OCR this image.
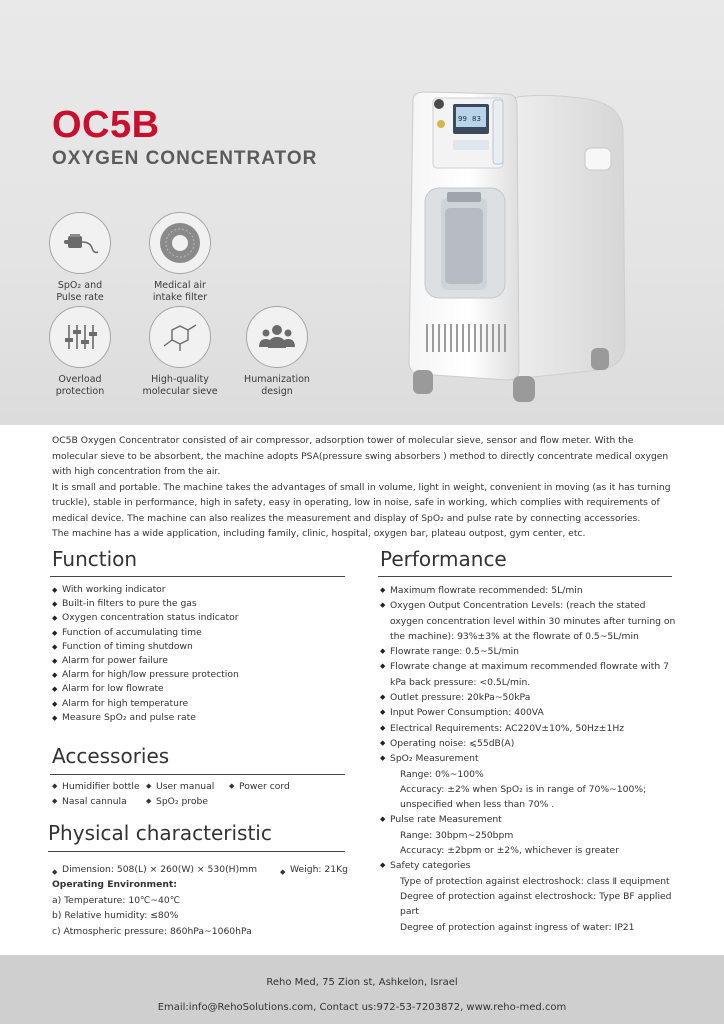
OC5B
OXYGEN CONCENTRATOR
SpO₂ and
Pulse rate
Medical air
intake filter
Overload
protection
High-quality
molecular sieve
Humanization
design
99 83

OC5B Oxygen Concentrator consisted of air compressor, adsorption tower of molecular sieve, sensor and flow meter. With the molecular sieve to be absorbent, the machine adopts PSA(pressure swing absorbers ) method to directly concentrate medical oxygen with high concentration from the air.

It is small and portable. The machine takes the advantages of small in volume, light in weight, convenient in moving (as it has turning truckle), stable in performance, high in safety, easy in operating, low in noise, safe in working, which complies with requirements of medical device. The machine can also realizes the measurement and display of SpO₂ and pulse rate by connecting accessories.

The machine has a wide application, including family, clinic, hospital, oxygen bar, plateau outpost, gym center, etc.

Function
◆ With working indicator
◆ Built-in filters to pure the gas
◆ Oxygen concentration status indicator
◆ Function of accumulating time
◆ Function of timing shutdown
◆ Alarm for power failure
◆ Alarm for high/low pressure protection
◆ Alarm for low flowrate
◆ Alarm for high temperature
◆ Measure SpO₂ and pulse rate
Accessories
◆ Humidifier bottle	◆ User manual	◆ Power cord
◆ Nasal cannula	◆ SpO₂ probe
Physical characteristic
◆ Dimension: 508(L) × 260(W) × 530(H)mm	◆ Weigh: 21Kg
Operating Environment:
a) Temperature: 10℃~40℃
b) Relative humidity: ≤80%
c) Atmospheric pressure: 860hPa~1060hPa
Performance
◆ Maximum flowrate recommended: 5L/min
◆ Oxygen Output Concentration Levels: (reach the stated oxygen concentration level within 30 minutes after turning on the machine): 93%±3% at the flowrate of 0.5~5L/min
◆ Flowrate range: 0.5~5L/min
◆ Flowrate change at maximum recommended flowrate with 7 kPa back pressure: <0.5L/min.
◆ Outlet pressure: 20kPa~50kPa
◆ Input Power Consumption: 400VA
◆ Electrical Requirements: AC220V±10%, 50Hz±1Hz
◆ Operating noise: ⩽55dB(A)
◆ SpO₂ Measurement
Range: 0%~100%
Accuracy: ±2% when SpO₂ is in range of 70%~100%; unspecified when less than 70% .
◆ Pulse rate Measurement
Range: 30bpm~250bpm
Accuracy: ±2bpm or ±2%, whichever is greater
◆ Safety categories
Type of protection against electroshock: class Ⅱ equipment
Degree of protection against electroshock: Type BF applied part
Degree of protection against ingress of water: IP21
Reho Med, 75 Zion st, Ashkelon, Israel
Email:info@RehoSolutions.com, Contact us:972-53-7203872, www.reho-med.com
